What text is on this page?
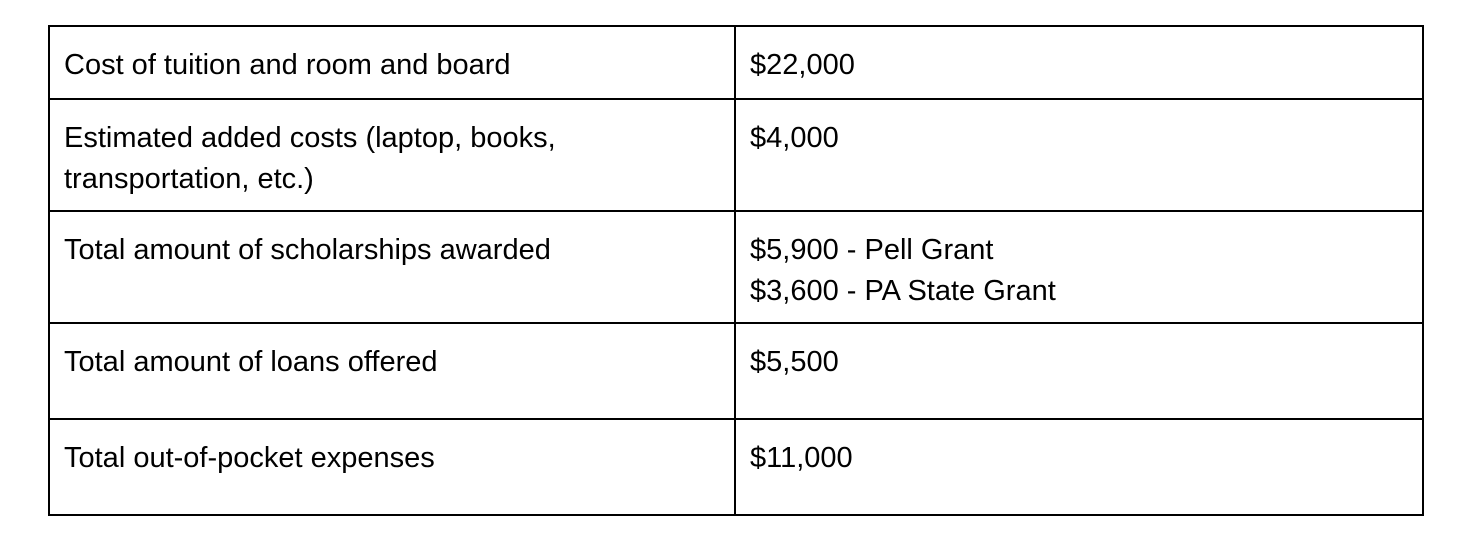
Cost of tuition and room and board	$22,000

Estimated added costs (laptop, books,
transportation, etc.)	$4,000

Total amount of scholarships awarded	$5,900 - Pell Grant
$3,600 - PA State Grant

Total amount of loans offered	$5,500

Total out-of-pocket expenses	$11,000
